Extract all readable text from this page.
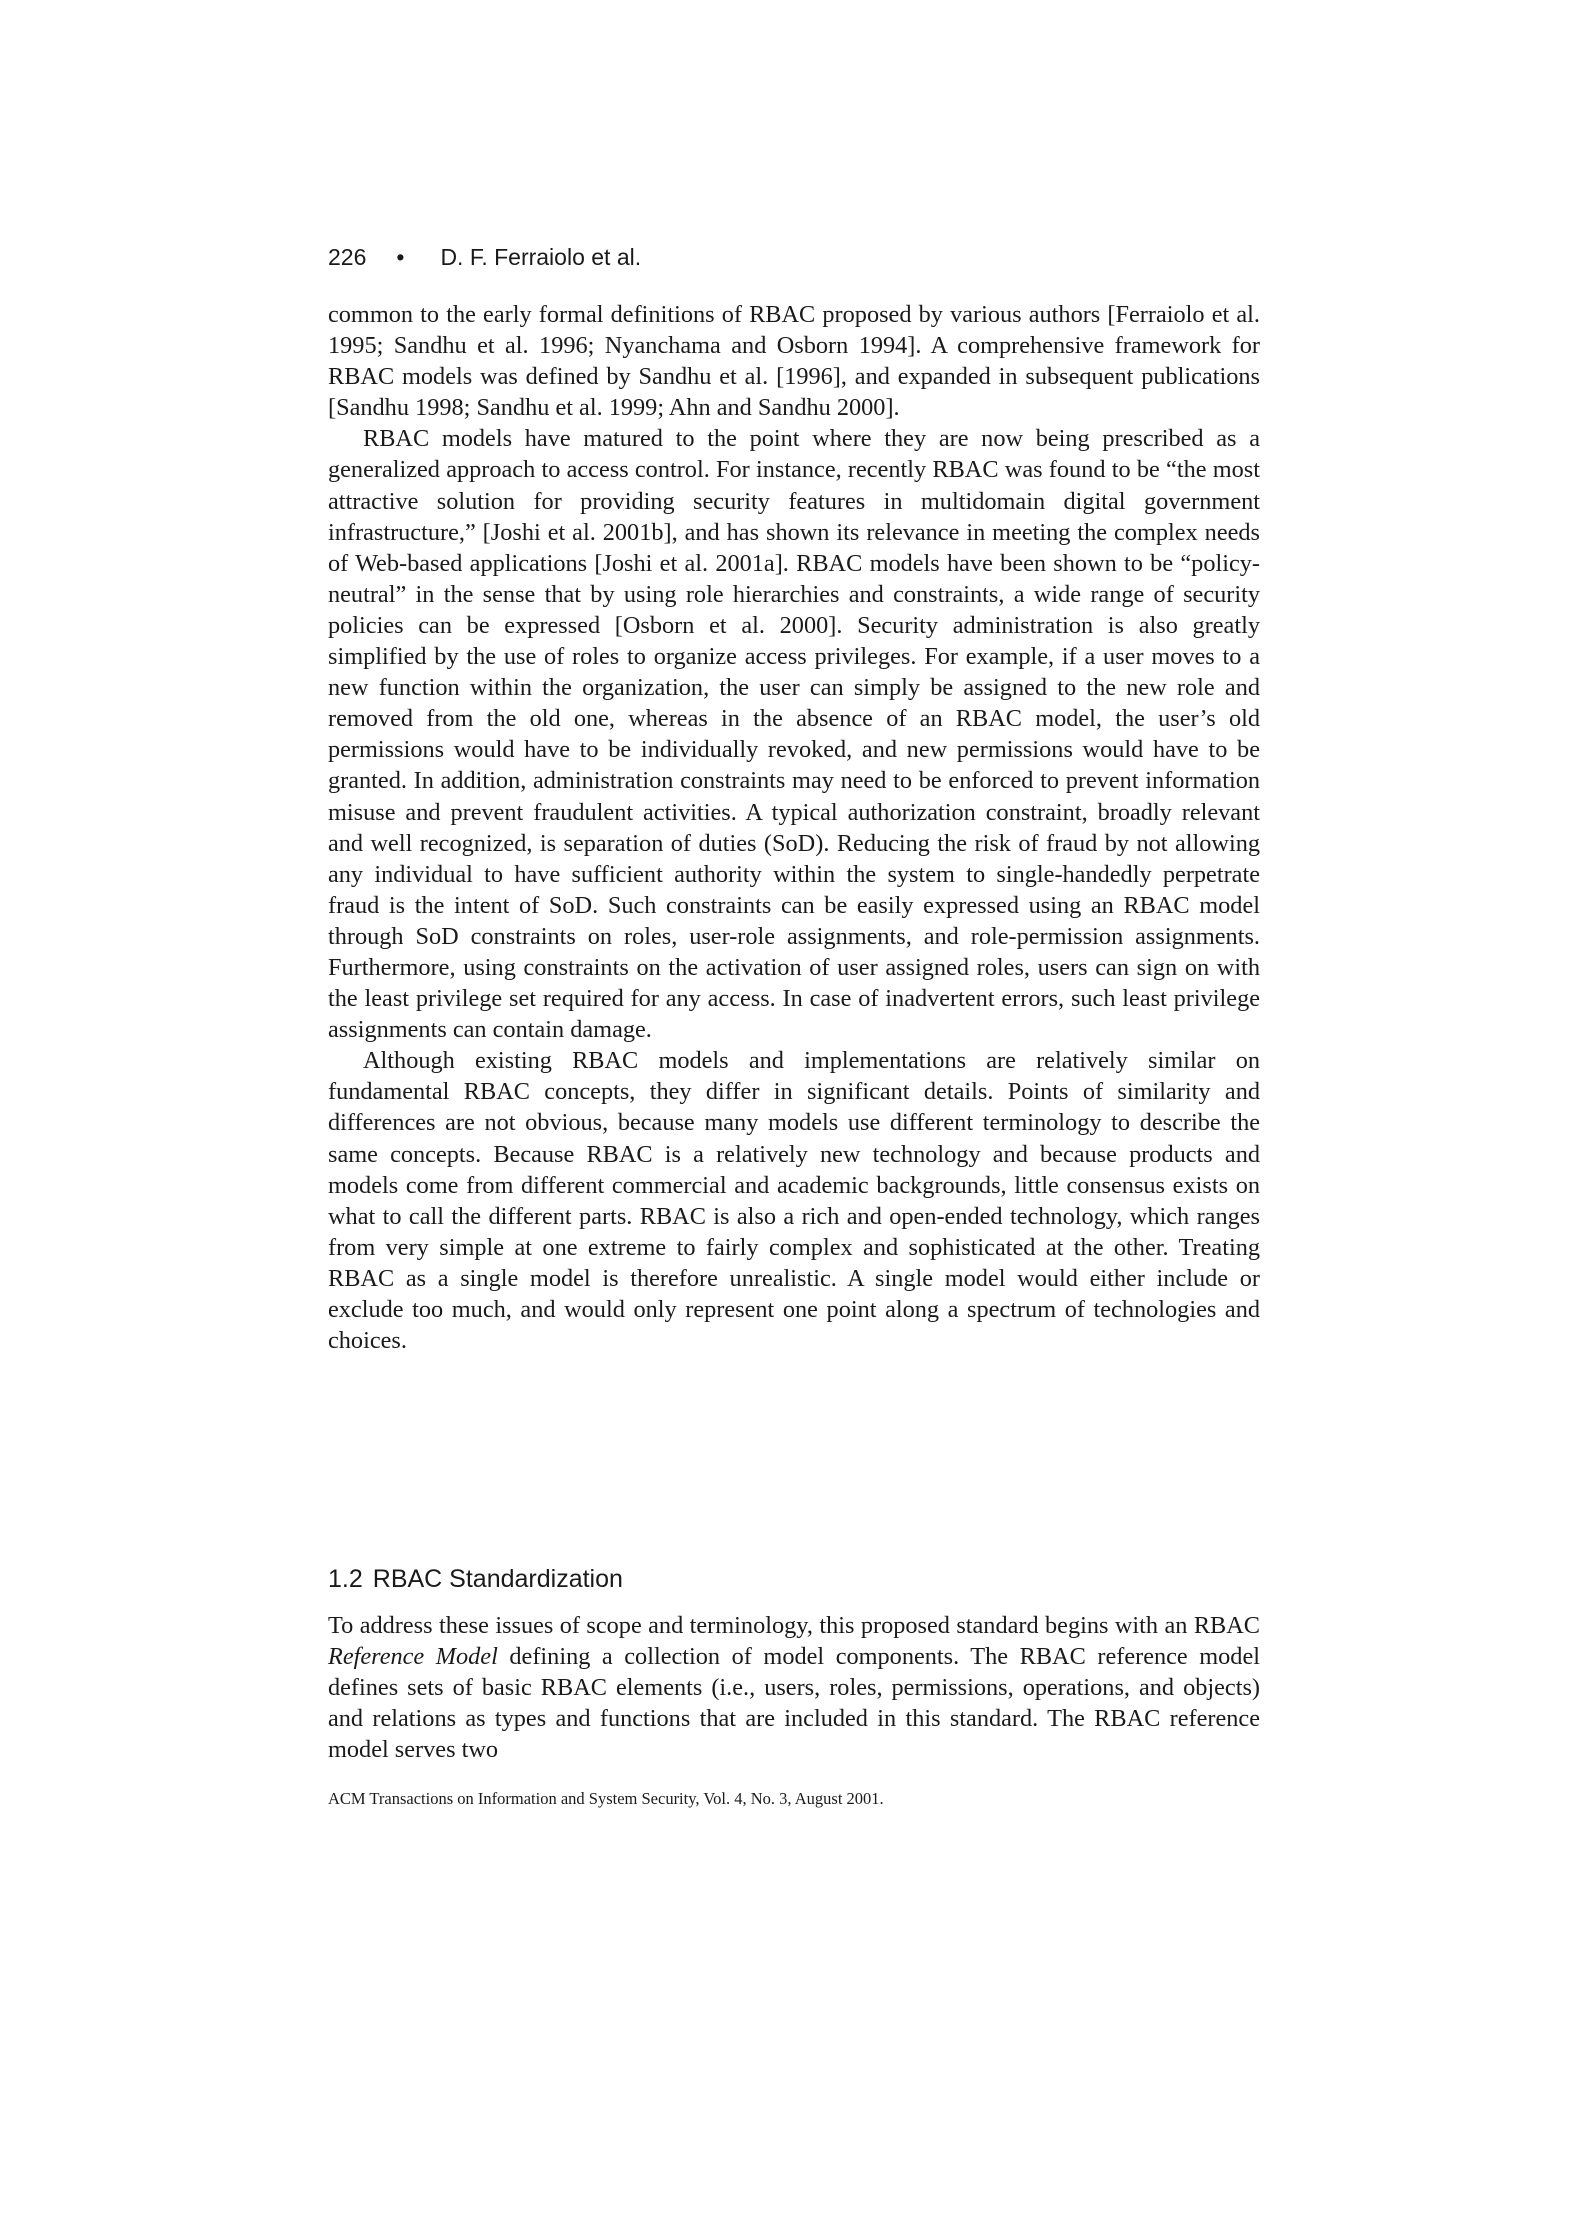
226 • D. F. Ferraiolo et al.

common to the early formal definitions of RBAC proposed by various authors [Ferraiolo et al. 1995; Sandhu et al. 1996; Nyanchama and Osborn 1994]. A comprehensive framework for RBAC models was defined by Sandhu et al. [1996], and expanded in subsequent publications [Sandhu 1998; Sandhu et al. 1999; Ahn and Sandhu 2000].

RBAC models have matured to the point where they are now being prescribed as a generalized approach to access control. For instance, recently RBAC was found to be “the most attractive solution for providing security features in multidomain digital government infrastructure,” [Joshi et al. 2001b], and has shown its relevance in meeting the complex needs of Web-based applications [Joshi et al. 2001a]. RBAC models have been shown to be “policy-neutral” in the sense that by using role hierarchies and constraints, a wide range of security policies can be expressed [Osborn et al. 2000]. Security administration is also greatly simplified by the use of roles to organize access privileges. For example, if a user moves to a new function within the organization, the user can simply be assigned to the new role and removed from the old one, whereas in the absence of an RBAC model, the user’s old permissions would have to be individually revoked, and new permissions would have to be granted. In addition, administration constraints may need to be enforced to prevent information misuse and prevent fraudulent activities. A typical authorization constraint, broadly relevant and well recognized, is separation of duties (SoD). Reducing the risk of fraud by not allowing any individual to have sufficient authority within the system to single-handedly perpetrate fraud is the intent of SoD. Such constraints can be easily expressed using an RBAC model through SoD constraints on roles, user-role assignments, and role-permission assignments. Furthermore, using constraints on the activation of user assigned roles, users can sign on with the least privilege set required for any access. In case of inadvertent errors, such least privilege assignments can contain damage.

Although existing RBAC models and implementations are relatively similar on fundamental RBAC concepts, they differ in significant details. Points of similarity and differences are not obvious, because many models use different terminology to describe the same concepts. Because RBAC is a relatively new technology and because products and models come from different commercial and academic backgrounds, little consensus exists on what to call the different parts. RBAC is also a rich and open-ended technology, which ranges from very simple at one extreme to fairly complex and sophisticated at the other. Treating RBAC as a single model is therefore unrealistic. A single model would either include or exclude too much, and would only represent one point along a spectrum of technologies and choices.

1.2 RBAC Standardization

To address these issues of scope and terminology, this proposed standard begins with an RBAC Reference Model defining a collection of model components. The RBAC reference model defines sets of basic RBAC elements (i.e., users, roles, permissions, operations, and objects) and relations as types and functions that are included in this standard. The RBAC reference model serves two

ACM Transactions on Information and System Security, Vol. 4, No. 3, August 2001.
